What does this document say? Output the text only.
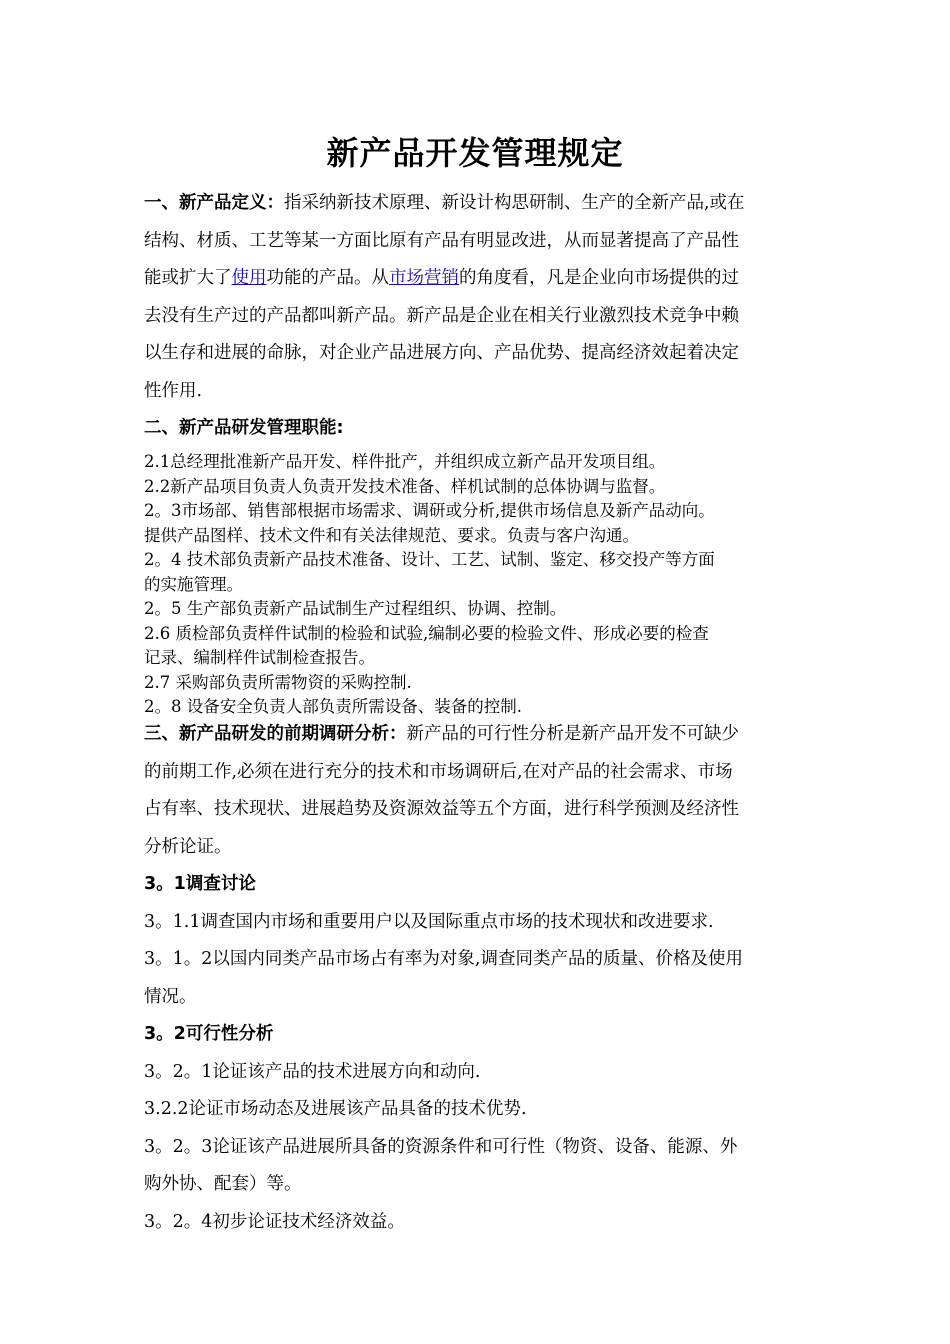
新产品开发管理规定
一、新产品定义：指采纳新技术原理、新设计构思研制、生产的全新产品,或在
结构、材质、工艺等某一方面比原有产品有明显改进，从而显著提高了产品性
能或扩大了使用功能的产品。从市场营销的角度看，凡是企业向市场提供的过
去没有生产过的产品都叫新产品。新产品是企业在相关行业激烈技术竞争中赖
以生存和进展的命脉，对企业产品进展方向、产品优势、提高经济效起着决定
性作用.
二、新产品研发管理职能:
2.1总经理批准新产品开发、样件批产，并组织成立新产品开发项目组。
2.2新产品项目负责人负责开发技术准备、样机试制的总体协调与监督。
2。3市场部、销售部根据市场需求、调研或分析,提供市场信息及新产品动向。
提供产品图样、技术文件和有关法律规范、要求。负责与客户沟通。
2。4 技术部负责新产品技术准备、设计、工艺、试制、鉴定、移交投产等方面
的实施管理。
2。5 生产部负责新产品试制生产过程组织、协调、控制。
2.6 质检部负责样件试制的检验和试验,编制必要的检验文件、形成必要的检查
记录、编制样件试制检查报告。
2.7 采购部负责所需物资的采购控制.
2。8 设备安全负责人部负责所需设备、装备的控制.
三、新产品研发的前期调研分析：新产品的可行性分析是新产品开发不可缺少
的前期工作,必须在进行充分的技术和市场调研后,在对产品的社会需求、市场
占有率、技术现状、进展趋势及资源效益等五个方面，进行科学预测及经济性
分析论证。
3。1调查讨论
3。1.1调查国内市场和重要用户以及国际重点市场的技术现状和改进要求.
3。1。2以国内同类产品市场占有率为对象,调查同类产品的质量、价格及使用
情况。
3。2可行性分析
3。2。1论证该产品的技术进展方向和动向.
3.2.2论证市场动态及进展该产品具备的技术优势.
3。2。3论证该产品进展所具备的资源条件和可行性（物资、设备、能源、外
购外协、配套）等。
3。2。4初步论证技术经济效益。
